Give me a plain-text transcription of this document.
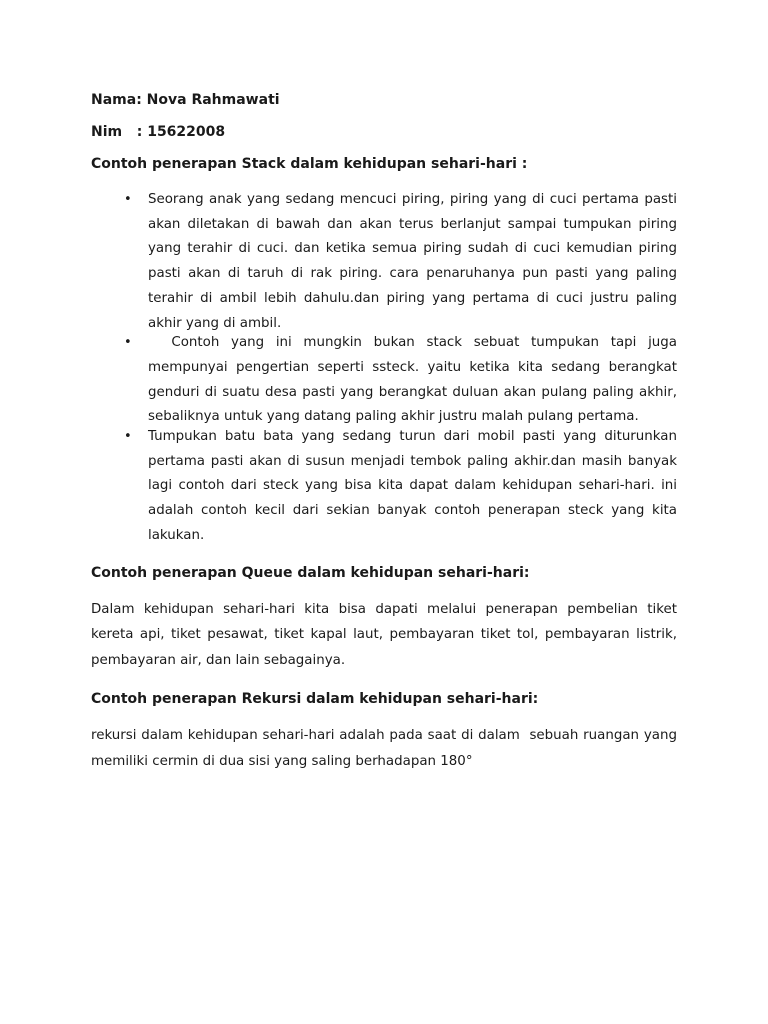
Nama: Nova Rahmawati

Nim   : 15622008

Contoh penerapan Stack dalam kehidupan sehari-hari :

• Seorang anak yang sedang mencuci piring, piring yang di cuci pertama pasti akan diletakan di bawah dan akan terus berlanjut sampai tumpukan piring yang terahir di cuci. dan ketika semua piring sudah di cuci kemudian piring pasti akan di taruh di rak piring. cara penaruhanya pun pasti yang paling terahir di ambil lebih dahulu.dan piring yang pertama di cuci justru paling akhir yang di ambil.
• Contoh yang ini mungkin bukan stack sebuat tumpukan tapi juga mempunyai pengertian seperti ssteck. yaitu ketika kita sedang berangkat genduri di suatu desa pasti yang berangkat duluan akan pulang paling akhir, sebaliknya untuk yang datang paling akhir justru malah pulang pertama.
• Tumpukan batu bata yang sedang turun dari mobil pasti yang diturunkan pertama pasti akan di susun menjadi tembok paling akhir.dan masih banyak lagi contoh dari steck yang bisa kita dapat dalam kehidupan sehari-hari. ini adalah contoh kecil dari sekian banyak contoh penerapan steck yang kita lakukan.

Contoh penerapan Queue dalam kehidupan sehari-hari:

Dalam kehidupan sehari-hari kita bisa dapati melalui penerapan pembelian tiket kereta api, tiket pesawat, tiket kapal laut, pembayaran tiket tol, pembayaran listrik, pembayaran air, dan lain sebagainya.

Contoh penerapan Rekursi dalam kehidupan sehari-hari:

rekursi dalam kehidupan sehari-hari adalah pada saat di dalam  sebuah ruangan yang memiliki cermin di dua sisi yang saling berhadapan 180°
